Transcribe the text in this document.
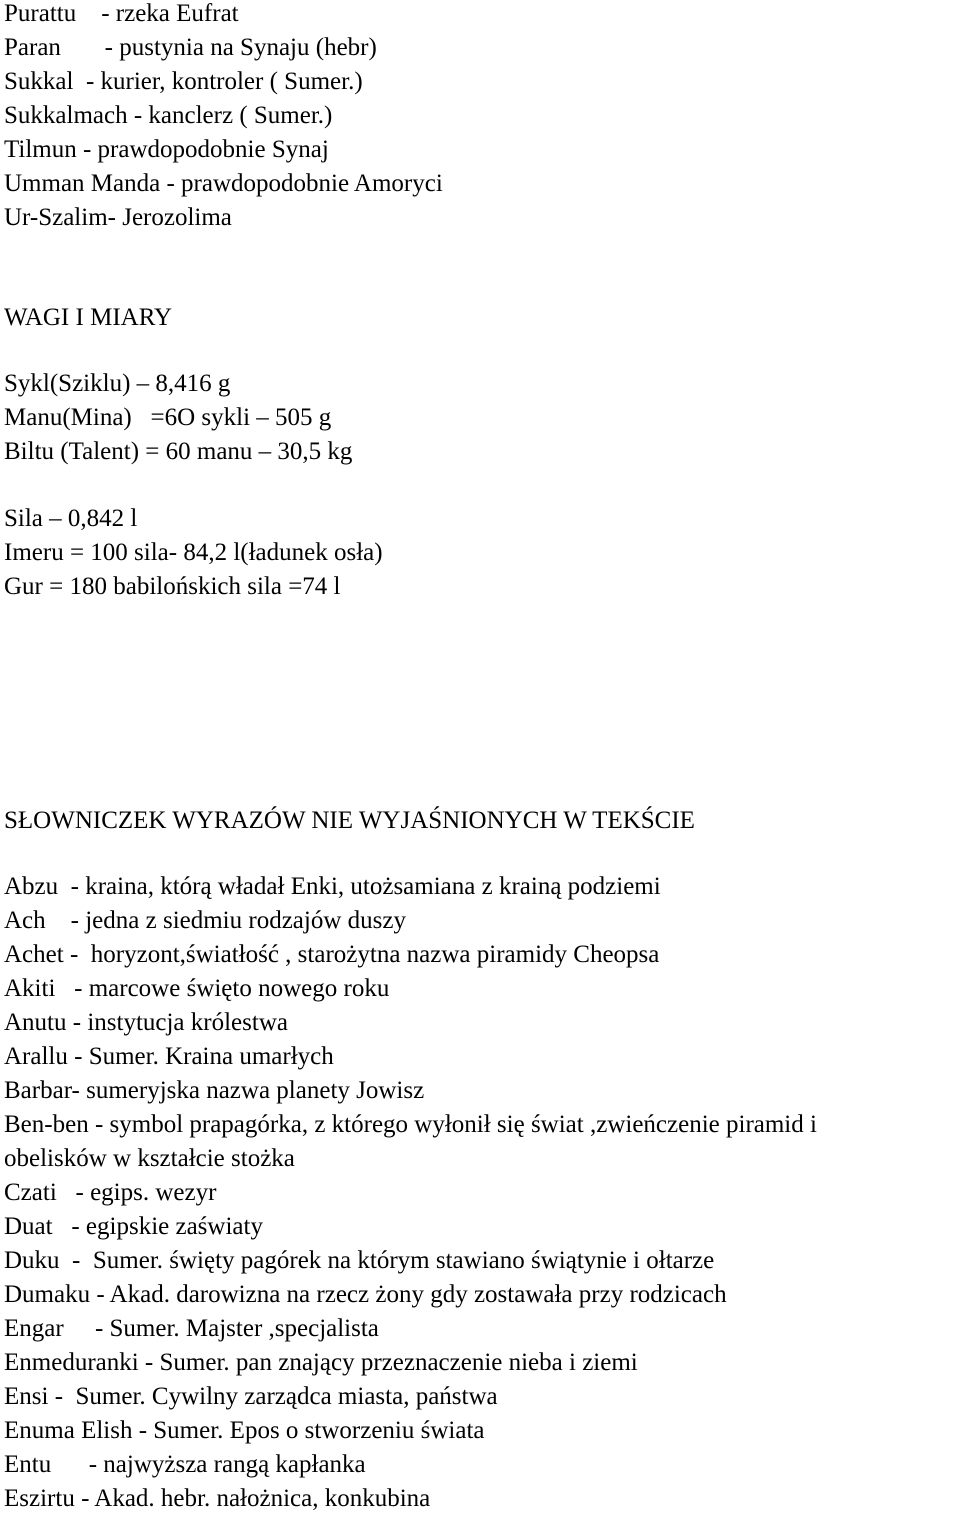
Purattu    - rzeka Eufrat
Paran       - pustynia na Synaju (hebr)
Sukkal  - kurier, kontroler ( Sumer.)
Sukkalmach - kanclerz ( Sumer.)
Tilmun - prawdopodobnie Synaj
Umman Manda - prawdopodobnie Amoryci
Ur-Szalim- Jerozolima
WAGI I MIARY
Sykl(Sziklu) – 8,416 g
Manu(Mina)   =6O sykli – 505 g
Biltu (Talent) = 60 manu – 30,5 kg
Sila – 0,842 l
Imeru = 100 sila- 84,2 l(ładunek osła)
Gur = 180 babilońskich sila =74 l
SŁOWNICZEK WYRAZÓW NIE WYJAŚNIONYCH W TEKŚCIE
Abzu  - kraina, którą władał Enki, utożsamiana z krainą podziemi
Ach    - jedna z siedmiu rodzajów duszy
Achet -  horyzont,światłość , starożytna nazwa piramidy Cheopsa
Akiti   - marcowe święto nowego roku
Anutu - instytucja królestwa
Arallu - Sumer. Kraina umarłych
Barbar- sumeryjska nazwa planety Jowisz
Ben-ben - symbol prapagórka, z którego wyłonił się świat ,zwieńczenie piramid i
obelisków w kształcie stożka
Czati   - egips. wezyr
Duat   - egipskie zaświaty
Duku  -  Sumer. święty pagórek na którym stawiano świątynie i ołtarze
Dumaku - Akad. darowizna na rzecz żony gdy zostawała przy rodzicach
Engar     - Sumer. Majster ,specjalista
Enmeduranki - Sumer. pan znający przeznaczenie nieba i ziemi
Ensi -  Sumer. Cywilny zarządca miasta, państwa
Enuma Elish - Sumer. Epos o stworzeniu świata
Entu      - najwyższa rangą kapłanka
Eszirtu - Akad. hebr. nałożnica, konkubina
